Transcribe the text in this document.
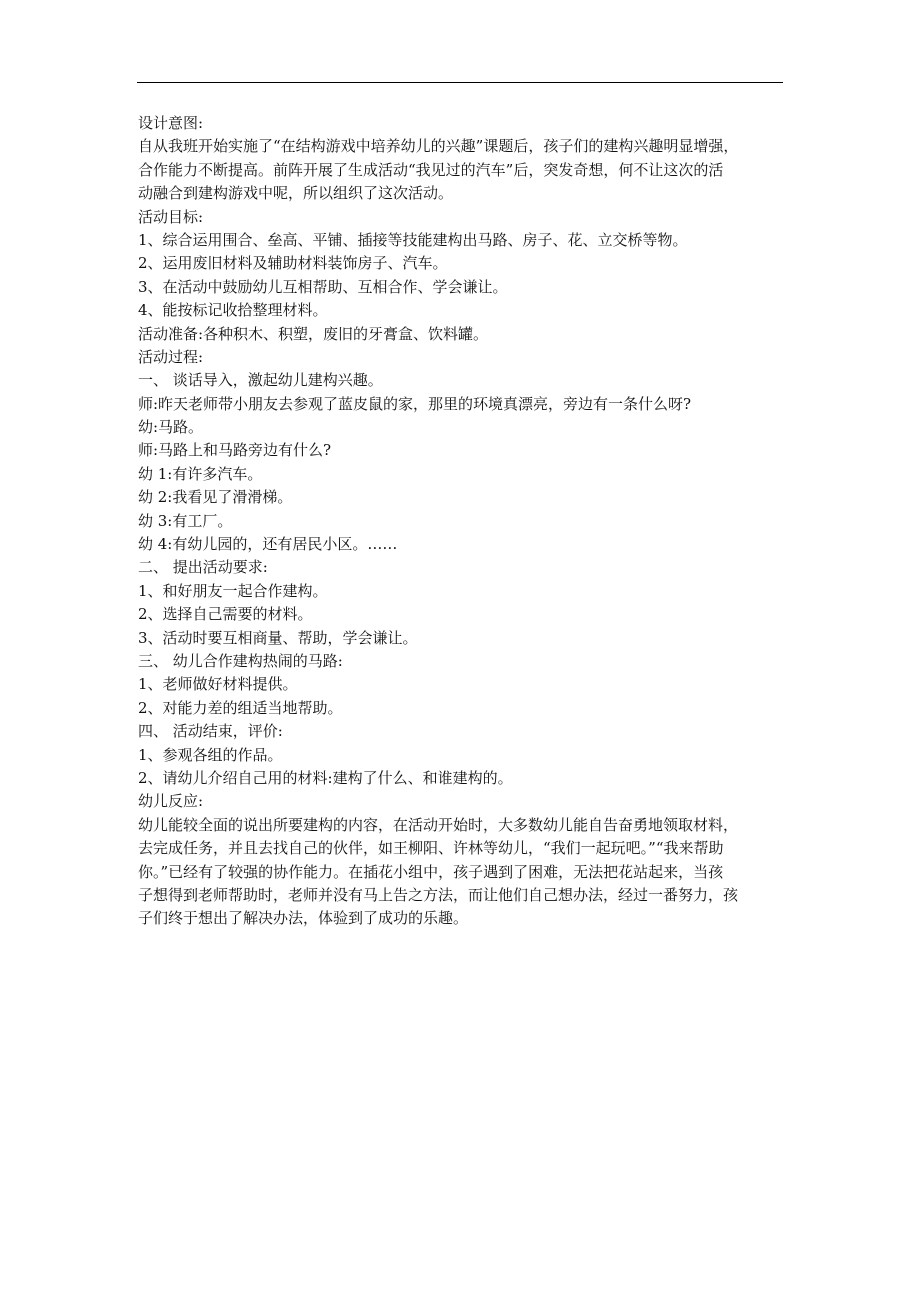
设计意图:
自从我班开始实施了“在结构游戏中培养幼儿的兴趣”课题后，孩子们的建构兴趣明显增强，
合作能力不断提高。前阵开展了生成活动“我见过的汽车”后，突发奇想，何不让这次的活
动融合到建构游戏中呢，所以组织了这次活动。
活动目标:
1、综合运用围合、垒高、平铺、插接等技能建构出马路、房子、花、立交桥等物。
2、运用废旧材料及辅助材料装饰房子、汽车。
3、在活动中鼓励幼儿互相帮助、互相合作、学会谦让。
4、能按标记收拾整理材料。
活动准备:各种积木、积塑，废旧的牙膏盒、饮料罐。
活动过程:
一、 谈话导入，激起幼儿建构兴趣。
师:昨天老师带小朋友去参观了蓝皮鼠的家，那里的环境真漂亮，旁边有一条什么呀?
幼:马路。
师:马路上和马路旁边有什么?
幼 1:有许多汽车。
幼 2:我看见了滑滑梯。
幼 3:有工厂。
幼 4:有幼儿园的，还有居民小区。……
二、 提出活动要求:
1、和好朋友一起合作建构。
2、选择自己需要的材料。
3、活动时要互相商量、帮助，学会谦让。
三、 幼儿合作建构热闹的马路:
1、老师做好材料提供。
2、对能力差的组适当地帮助。
四、 活动结束，评价:
1、参观各组的作品。
2、请幼儿介绍自己用的材料:建构了什么、和谁建构的。
幼儿反应:
幼儿能较全面的说出所要建构的内容，在活动开始时，大多数幼儿能自告奋勇地领取材料，
去完成任务，并且去找自己的伙伴，如王柳阳、许林等幼儿，“我们一起玩吧。”“我来帮助
你。”已经有了较强的协作能力。在插花小组中，孩子遇到了困难，无法把花站起来，当孩
子想得到老师帮助时，老师并没有马上告之方法，而让他们自己想办法，经过一番努力，孩
子们终于想出了解决办法，体验到了成功的乐趣。
